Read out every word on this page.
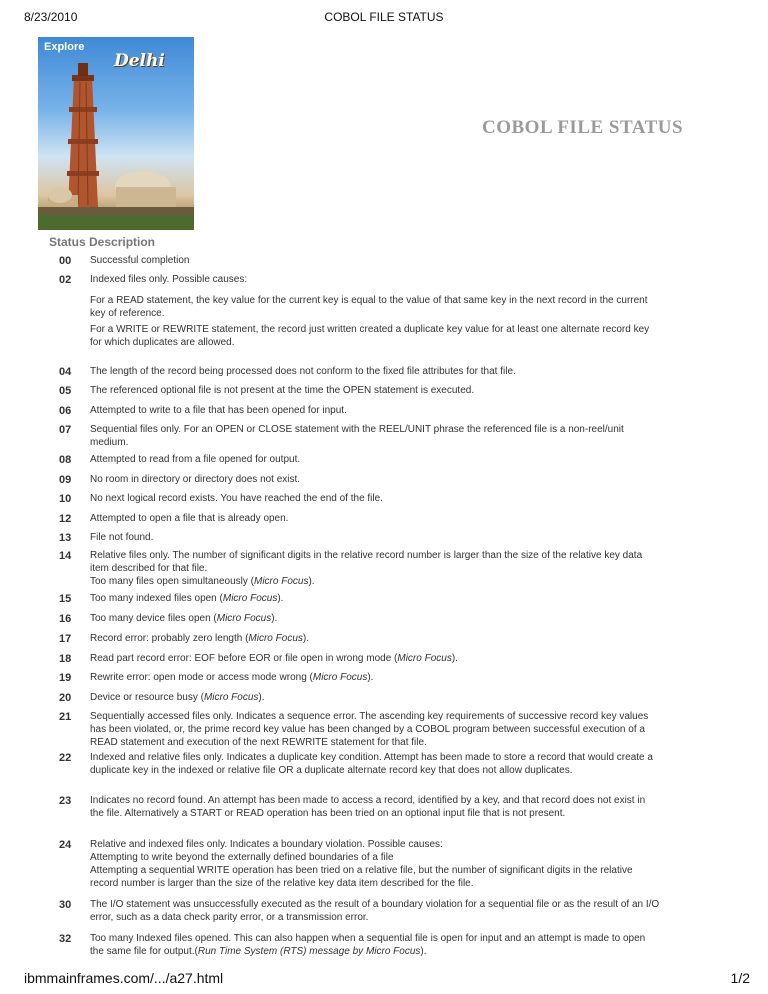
8/23/2010	COBOL FILE STATUS
Explore
Delhi
COBOL FILE STATUS
Status Description
00 Successful completion
02 Indexed files only. Possible causes:
For a READ statement, the key value for the current key is equal to the value of that same key in the next record in the current key of reference.
For a WRITE or REWRITE statement, the record just written created a duplicate key value for at least one alternate record key for which duplicates are allowed.
04 The length of the record being processed does not conform to the fixed file attributes for that file.
05 The referenced optional file is not present at the time the OPEN statement is executed.
06 Attempted to write to a file that has been opened for input.
07 Sequential files only. For an OPEN or CLOSE statement with the REEL/UNIT phrase the referenced file is a non-reel/unit medium.
08 Attempted to read from a file opened for output.
09 No room in directory or directory does not exist.
10 No next logical record exists. You have reached the end of the file.
12 Attempted to open a file that is already open.
13 File not found.
14 Relative files only. The number of significant digits in the relative record number is larger than the size of the relative key data item described for that file.
Too many files open simultaneously (Micro Focus).
15 Too many indexed files open (Micro Focus).
16 Too many device files open (Micro Focus).
17 Record error: probably zero length (Micro Focus).
18 Read part record error: EOF before EOR or file open in wrong mode (Micro Focus).
19 Rewrite error: open mode or access mode wrong (Micro Focus).
20 Device or resource busy (Micro Focus).
21 Sequentially accessed files only. Indicates a sequence error. The ascending key requirements of successive record key values has been violated, or, the prime record key value has been changed by a COBOL program between successful execution of a READ statement and execution of the next REWRITE statement for that file.
22 Indexed and relative files only. Indicates a duplicate key condition. Attempt has been made to store a record that would create a duplicate key in the indexed or relative file OR a duplicate alternate record key that does not allow duplicates.
23 Indicates no record found. An attempt has been made to access a record, identified by a key, and that record does not exist in the file. Alternatively a START or READ operation has been tried on an optional input file that is not present.
24 Relative and indexed files only. Indicates a boundary violation. Possible causes:
Attempting to write beyond the externally defined boundaries of a file
Attempting a sequential WRITE operation has been tried on a relative file, but the number of significant digits in the relative record number is larger than the size of the relative key data item described for the file.
30 The I/O statement was unsuccessfully executed as the result of a boundary violation for a sequential file or as the result of an I/O error, such as a data check parity error, or a transmission error.
32 Too many Indexed files opened. This can also happen when a sequential file is open for input and an attempt is made to open the same file for output.(Run Time System (RTS) message by Micro Focus).
ibmmainframes.com/.../a27.html	1/2
